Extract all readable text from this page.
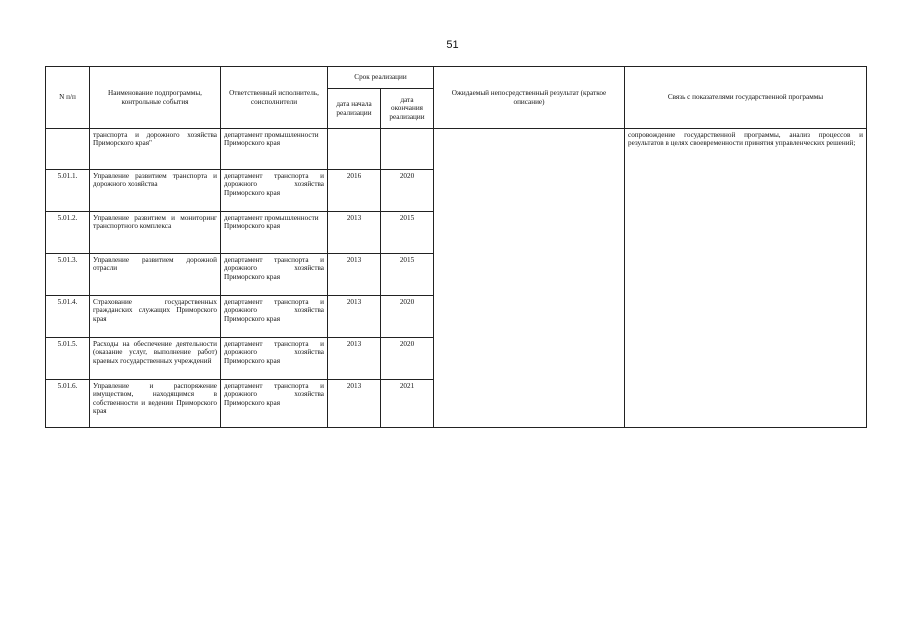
51
N п/п	Наименование подпрограммы, контрольные события	Ответственный исполнитель, соисполнители	Срок реализации		Ожидаемый непосредственный результат (краткое описание)	Связь с показателями государственной программы
			дата начала реализации	дата окончания реализации		
	транспорта и дорожного хозяйства Приморского края"	департамент промышленности Приморского края				сопровождение государственной программы, анализ процессов и результатов в целях своевременности принятия управленческих решений;
5.01.1.	Управление развитием транспорта и дорожного хозяйства	департамент транспорта и дорожного хозяйства Приморского края	2016	2020		
5.01.2.	Управление развитием и мониторинг транспортного комплекса	департамент промышленности Приморского края	2013	2015		
5.01.3.	Управление развитием дорожной отрасли	департамент транспорта и дорожного хозяйства Приморского края	2013	2015		
5.01.4.	Страхование государственных гражданских служащих Приморского края	департамент транспорта и дорожного хозяйства Приморского края	2013	2020		
5.01.5.	Расходы на обеспечение деятельности (оказание услуг, выполнение работ) краевых государственных учреждений	департамент транспорта и дорожного хозяйства Приморского края	2013	2020		
5.01.6.	Управление и распоряжение имуществом, находящимся в собственности и ведении Приморского края	департамент транспорта и дорожного хозяйства Приморского края	2013	2021		
